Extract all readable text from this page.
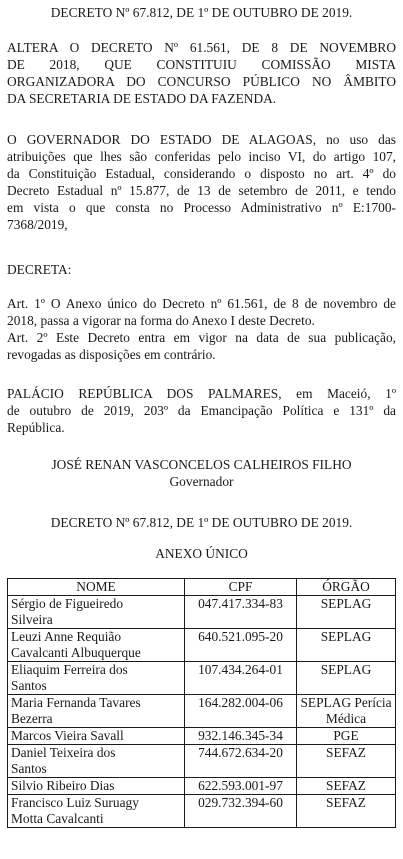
DECRETO Nº 67.812, DE 1º DE OUTUBRO DE 2019.

ALTERA O DECRETO Nº 61.561, DE 8 DE NOVEMBRO
DE 2018, QUE CONSTITUIU COMISSÃO MISTA
ORGANIZADORA DO CONCURSO PÚBLICO NO ÂMBITO
DA SECRETARIA DE ESTADO DA FAZENDA.

O GOVERNADOR DO ESTADO DE ALAGOAS, no uso das
atribuições que lhes são conferidas pelo inciso VI, do artigo 107,
da Constituição Estadual, considerando o disposto no art. 4º do
Decreto Estadual nº 15.877, de 13 de setembro de 2011, e tendo
em vista o que consta no Processo Administrativo nº E:1700-
7368/2019,

DECRETA:

Art. 1º O Anexo único do Decreto nº 61.561, de 8 de novembro de
2018, passa a vigorar na forma do Anexo I deste Decreto.
Art. 2º Este Decreto entra em vigor na data de sua publicação,
revogadas as disposições em contrário.

PALÁCIO REPÚBLICA DOS PALMARES, em Maceió, 1º
de outubro de 2019, 203º da Emancipação Política e 131º da
República.

JOSÉ RENAN VASCONCELOS CALHEIROS FILHO
Governador

DECRETO Nº 67.812, DE 1º DE OUTUBRO DE 2019.

ANEXO ÚNICO

NOME	CPF	ÓRGÃO

Sérgio de Figueiredo
Silveira	047.417.334-83	SEPLAG

Leuzi Anne Requião
Cavalcanti Albuquerque	640.521.095-20	SEPLAG

Eliaquim Ferreira dos
Santos	107.434.264-01	SEPLAG

Maria Fernanda Tavares
Bezerra	164.282.004-06	SEPLAG Perícia
Médica

Marcos Vieira Savall	932.146.345-34	PGE

Daniel Teixeira dos
Santos	744.672.634-20	SEFAZ

Silvio Ribeiro Dias	622.593.001-97	SEFAZ

Francisco Luiz Suruagy
Motta Cavalcanti	029.732.394-60	SEFAZ
